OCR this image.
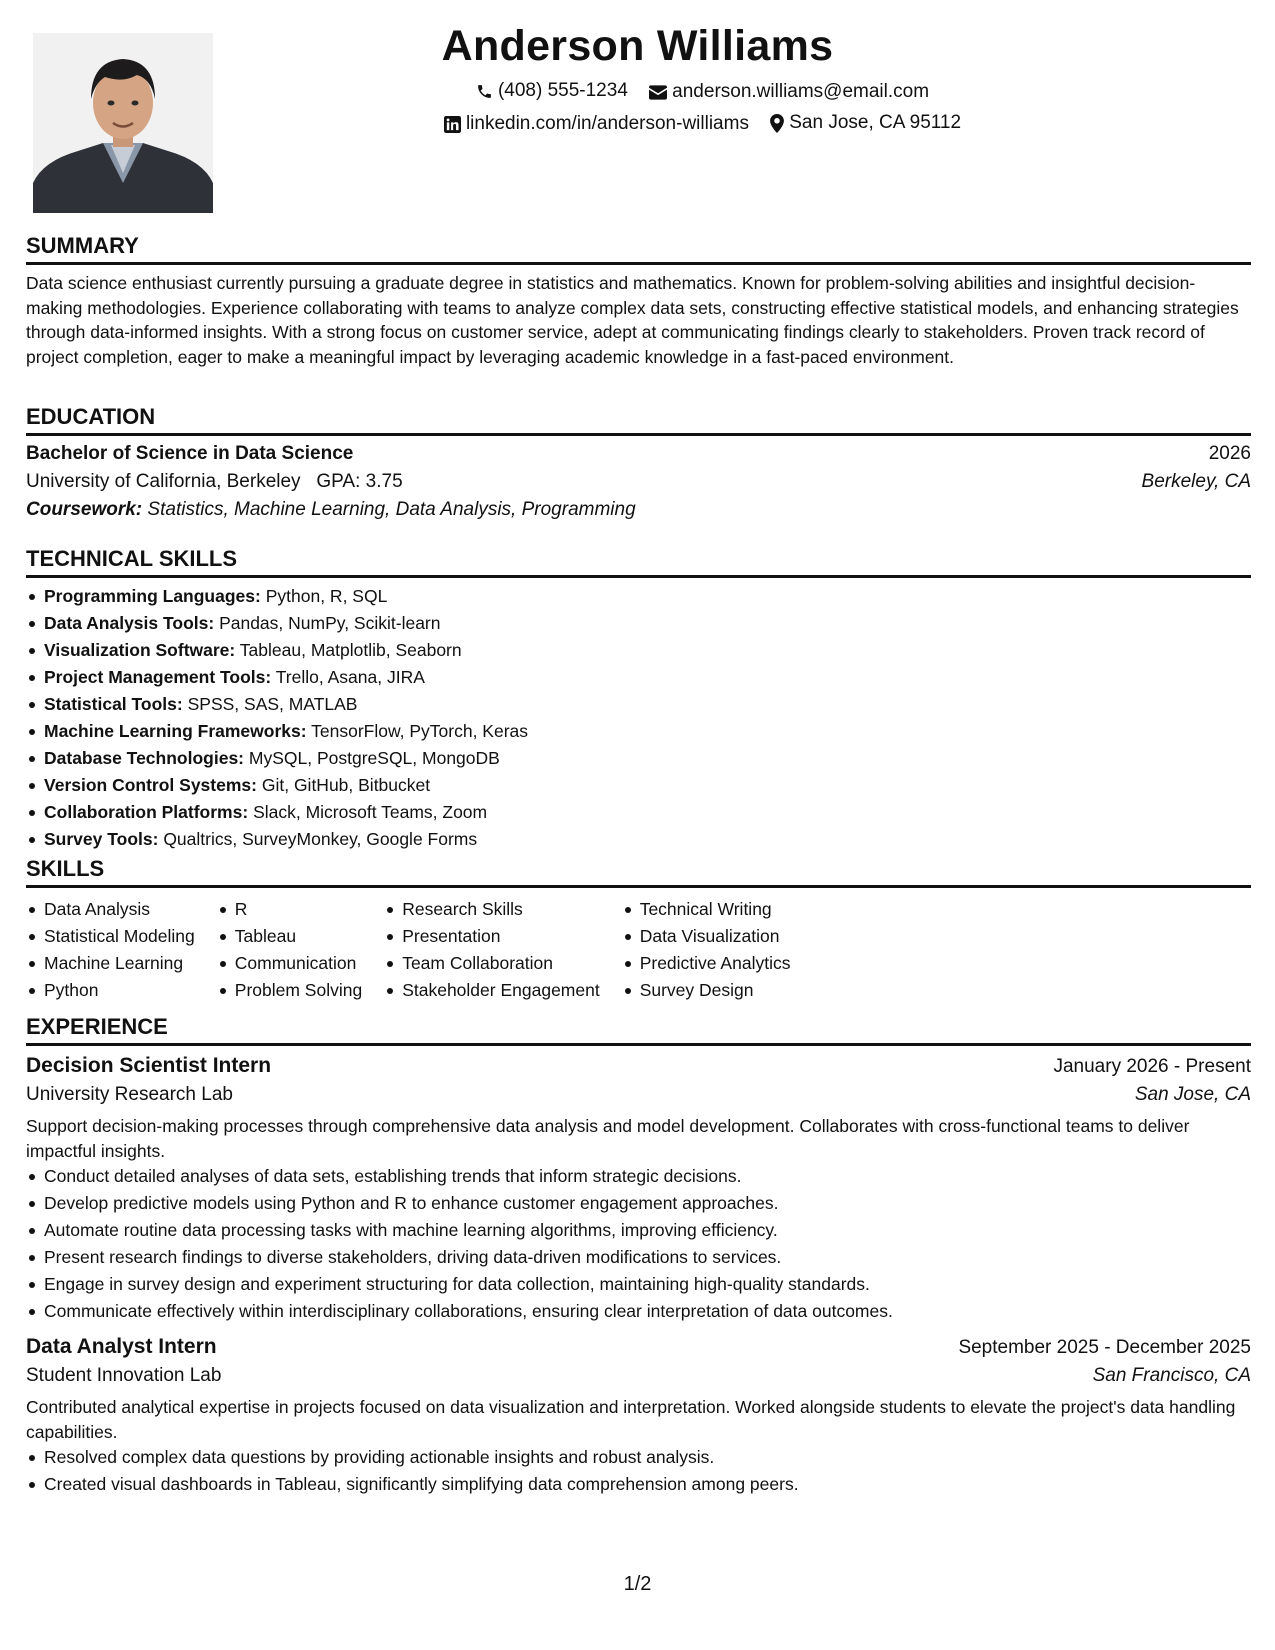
Anderson Williams
(408) 555-1234
anderson.williams@email.com
linkedin.com/in/anderson-williams
San Jose, CA 95112
SUMMARY
Data science enthusiast currently pursuing a graduate degree in statistics and mathematics. Known for problem-solving abilities and insightful decision-making methodologies. Experience collaborating with teams to analyze complex data sets, constructing effective statistical models, and enhancing strategies through data-informed insights. With a strong focus on customer service, adept at communicating findings clearly to stakeholders. Proven track record of project completion, eager to make a meaningful impact by leveraging academic knowledge in a fast-paced environment.
EDUCATION
Bachelor of Science in Data Science	2026
University of California, Berkeley GPA: 3.75	Berkeley, CA
Coursework: Statistics, Machine Learning, Data Analysis, Programming
TECHNICAL SKILLS
Programming Languages: Python, R, SQL
Data Analysis Tools: Pandas, NumPy, Scikit-learn
Visualization Software: Tableau, Matplotlib, Seaborn
Project Management Tools: Trello, Asana, JIRA
Statistical Tools: SPSS, SAS, MATLAB
Machine Learning Frameworks: TensorFlow, PyTorch, Keras
Database Technologies: MySQL, PostgreSQL, MongoDB
Version Control Systems: Git, GitHub, Bitbucket
Collaboration Platforms: Slack, Microsoft Teams, Zoom
Survey Tools: Qualtrics, SurveyMonkey, Google Forms
SKILLS
Data Analysis
Statistical Modeling
Machine Learning
Python
R
Tableau
Communication
Problem Solving
Research Skills
Presentation
Team Collaboration
Stakeholder Engagement
Technical Writing
Data Visualization
Predictive Analytics
Survey Design
EXPERIENCE
Decision Scientist Intern	January 2026 - Present
University Research Lab	San Jose, CA
Support decision-making processes through comprehensive data analysis and model development. Collaborates with cross-functional teams to deliver impactful insights.
Conduct detailed analyses of data sets, establishing trends that inform strategic decisions.
Develop predictive models using Python and R to enhance customer engagement approaches.
Automate routine data processing tasks with machine learning algorithms, improving efficiency.
Present research findings to diverse stakeholders, driving data-driven modifications to services.
Engage in survey design and experiment structuring for data collection, maintaining high-quality standards.
Communicate effectively within interdisciplinary collaborations, ensuring clear interpretation of data outcomes.
Data Analyst Intern	September 2025 - December 2025
Student Innovation Lab	San Francisco, CA
Contributed analytical expertise in projects focused on data visualization and interpretation. Worked alongside students to elevate the project's data handling capabilities.
Resolved complex data questions by providing actionable insights and robust analysis.
Created visual dashboards in Tableau, significantly simplifying data comprehension among peers.
1/2
